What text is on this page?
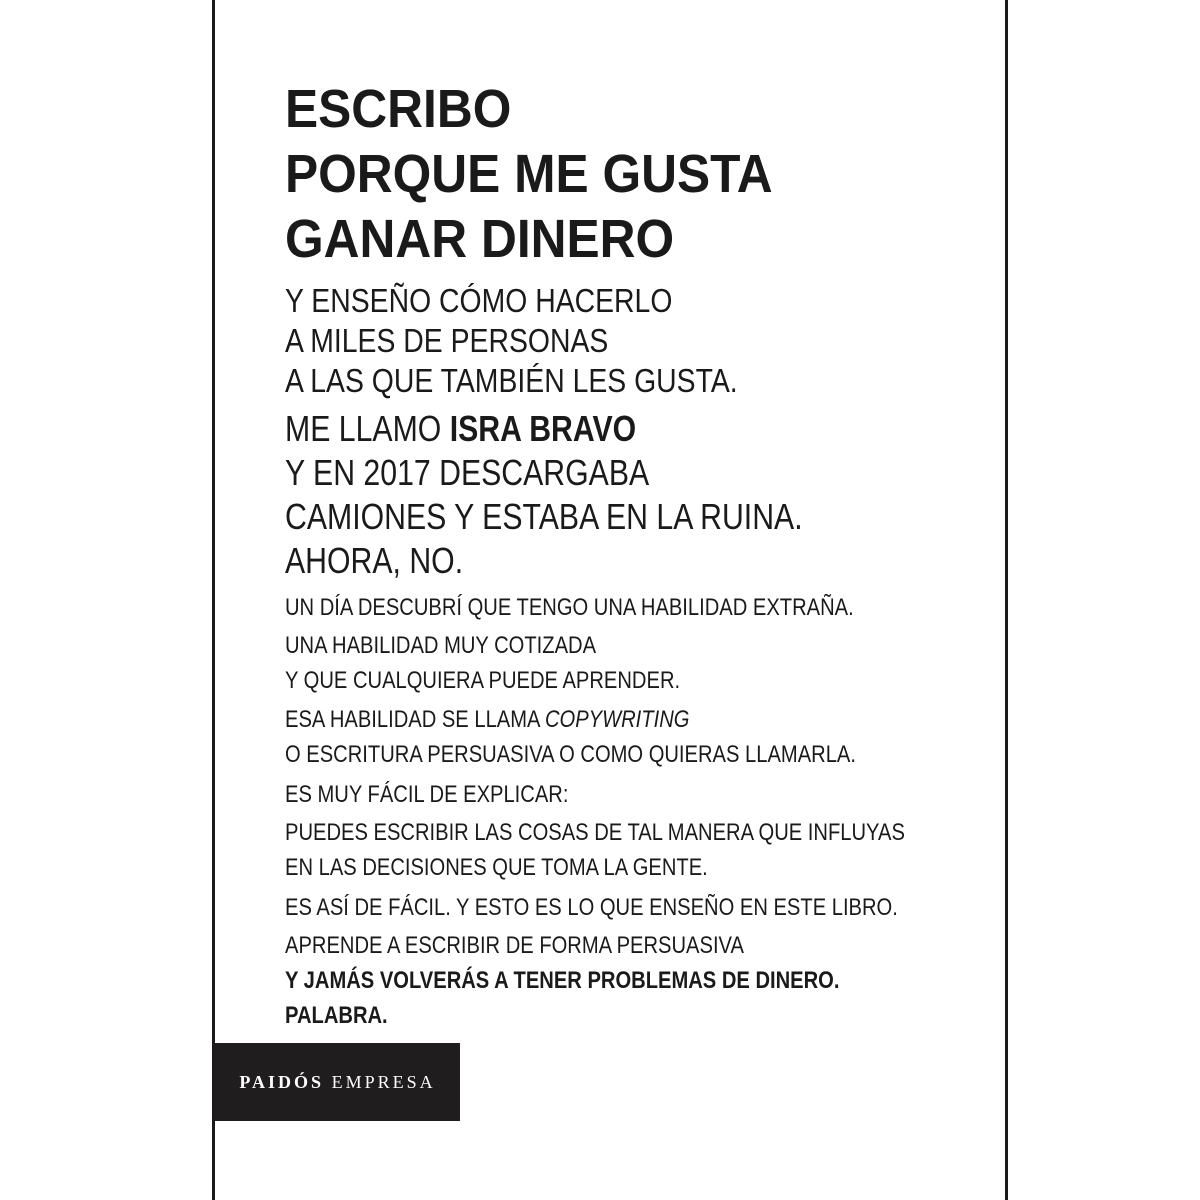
ESCRIBO
PORQUE ME GUSTA
GANAR DINERO
Y ENSEÑO CÓMO HACERLO
A MILES DE PERSONAS
A LAS QUE TAMBIÉN LES GUSTA.
ME LLAMO ISRA BRAVO
Y EN 2017 DESCARGABA
CAMIONES Y ESTABA EN LA RUINA.
AHORA, NO.
UN DÍA DESCUBRÍ QUE TENGO UNA HABILIDAD EXTRAÑA.
UNA HABILIDAD MUY COTIZADA
Y QUE CUALQUIERA PUEDE APRENDER.
ESA HABILIDAD SE LLAMA COPYWRITING
O ESCRITURA PERSUASIVA O COMO QUIERAS LLAMARLA.
ES MUY FÁCIL DE EXPLICAR:
PUEDES ESCRIBIR LAS COSAS DE TAL MANERA QUE INFLUYAS
EN LAS DECISIONES QUE TOMA LA GENTE.
ES ASÍ DE FÁCIL. Y ESTO ES LO QUE ENSEÑO EN ESTE LIBRO.
APRENDE A ESCRIBIR DE FORMA PERSUASIVA
Y JAMÁS VOLVERÁS A TENER PROBLEMAS DE DINERO.
PALABRA.
PAIDÓS
EMPRESA
